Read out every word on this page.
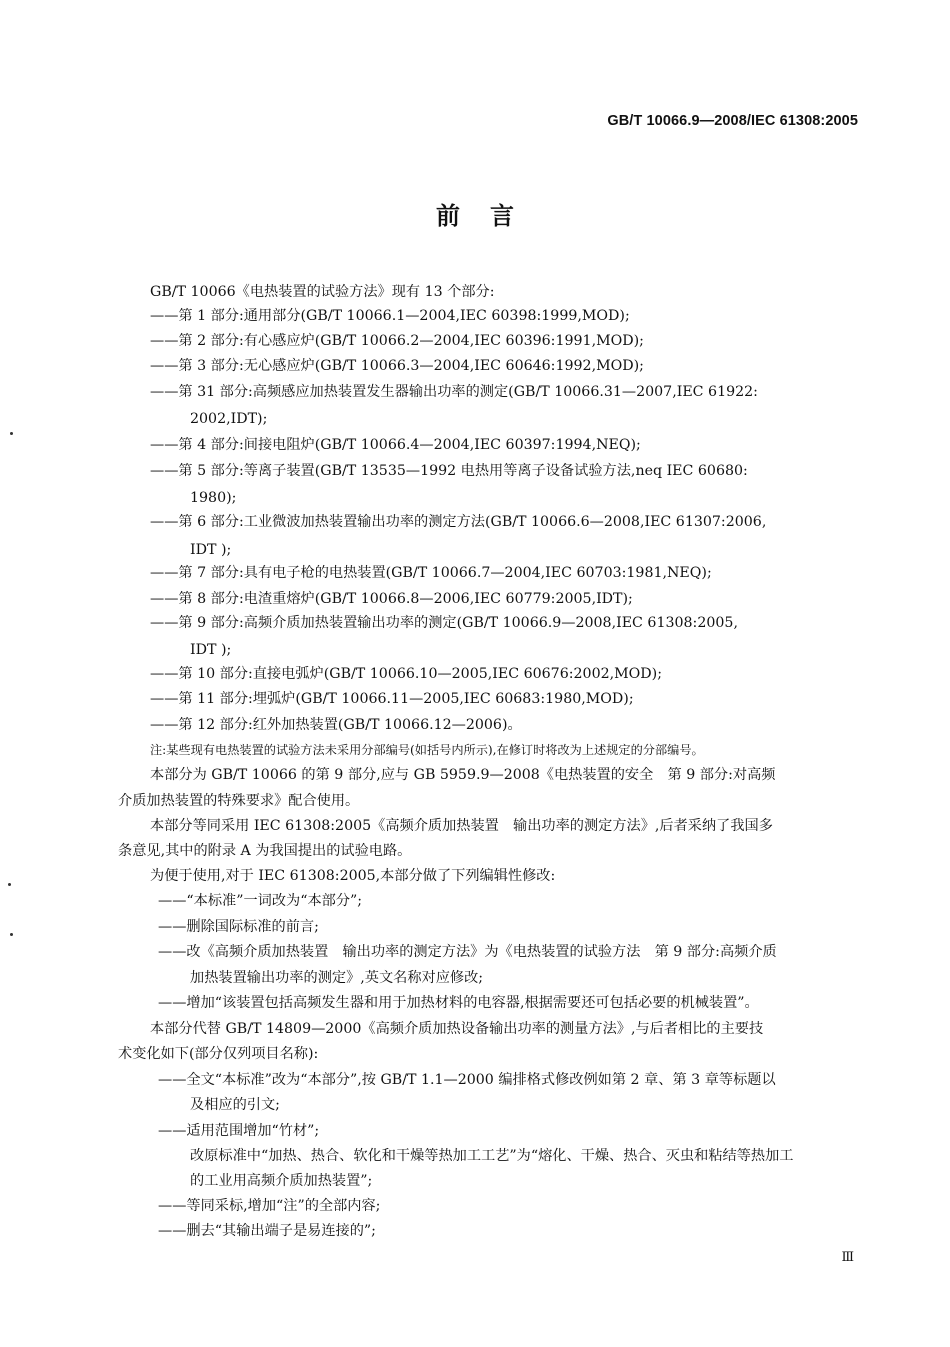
GB/T 10066.9—2008/IEC 61308:2005
前言
GB/T 10066《电热装置的试验方法》现有 13 个部分:
——第 1 部分:通用部分(GB/T 10066.1—2004,IEC 60398:1999,MOD);
——第 2 部分:有心感应炉(GB/T 10066.2—2004,IEC 60396:1991,MOD);
——第 3 部分:无心感应炉(GB/T 10066.3—2004,IEC 60646:1992,MOD);
——第 31 部分:高频感应加热装置发生器输出功率的测定(GB/T 10066.31—2007,IEC 61922:
2002,IDT);
——第 4 部分:间接电阻炉(GB/T 10066.4—2004,IEC 60397:1994,NEQ);
——第 5 部分:等离子装置(GB/T 13535—1992 电热用等离子设备试验方法,neq IEC 60680:
1980);
——第 6 部分:工业微波加热装置输出功率的测定方法(GB/T 10066.6—2008,IEC 61307:2006,
IDT );
——第 7 部分:具有电子枪的电热装置(GB/T 10066.7—2004,IEC 60703:1981,NEQ);
——第 8 部分:电渣重熔炉(GB/T 10066.8—2006,IEC 60779:2005,IDT);
——第 9 部分:高频介质加热装置输出功率的测定(GB/T 10066.9—2008,IEC 61308:2005,
IDT );
——第 10 部分:直接电弧炉(GB/T 10066.10—2005,IEC 60676:2002,MOD);
——第 11 部分:埋弧炉(GB/T 10066.11—2005,IEC 60683:1980,MOD);
——第 12 部分:红外加热装置(GB/T 10066.12—2006)。
注:某些现有电热装置的试验方法未采用分部编号(如括号内所示),在修订时将改为上述规定的分部编号。
本部分为 GB/T 10066 的第 9 部分,应与 GB 5959.9—2008《电热装置的安全　第 9 部分:对高频
介质加热装置的特殊要求》配合使用。
本部分等同采用 IEC 61308:2005《高频介质加热装置　输出功率的测定方法》,后者采纳了我国多
条意见,其中的附录 A 为我国提出的试验电路。
为便于使用,对于 IEC 61308:2005,本部分做了下列编辑性修改:
——“本标准”一词改为“本部分”;
——删除国际标准的前言;
——改《高频介质加热装置　输出功率的测定方法》为《电热装置的试验方法　第 9 部分:高频介质
加热装置输出功率的测定》,英文名称对应修改;
——增加“该装置包括高频发生器和用于加热材料的电容器,根据需要还可包括必要的机械装置”。
本部分代替 GB/T 14809—2000《高频介质加热设备输出功率的测量方法》,与后者相比的主要技
术变化如下(部分仅列项目名称):
——全文“本标准”改为“本部分”,按 GB/T 1.1—2000 编排格式修改例如第 2 章、第 3 章等标题以
及相应的引文;
——适用范围增加“竹材”;
改原标准中“加热、热合、软化和干燥等热加工工艺”为“熔化、干燥、热合、灭虫和粘结等热加工
的工业用高频介质加热装置”;
——等同采标,增加“注”的全部内容;
——删去“其输出端子是易连接的”;
Ⅲ
